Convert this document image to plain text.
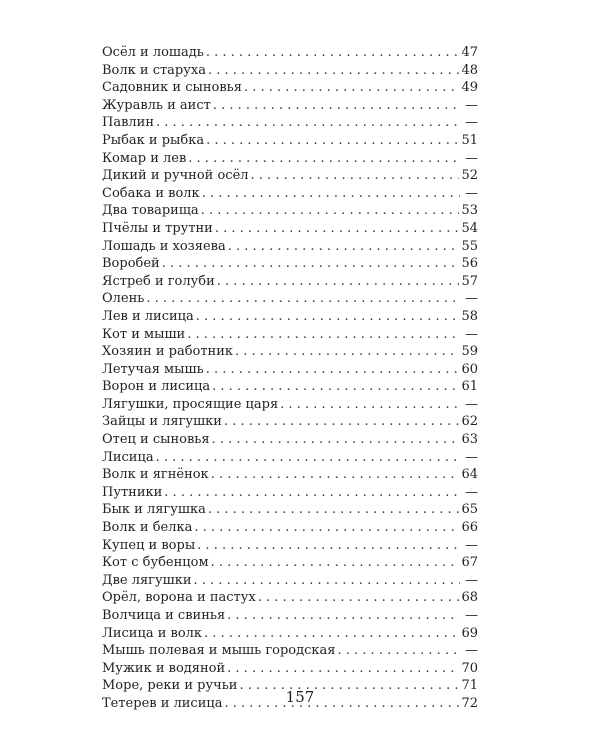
Осёл и лошадь . . .	47
Волк и старуха . . .	48
Садовник и сыновья . . .	49
Журавль и аист . . .	—
Павлин . . .	—
Рыбак и рыбка . . .	51
Комар и лев . . .	—
Дикий и ручной осёл . . .	52
Собака и волк . . .	—
Два товарища . . .	53
Пчёлы и трутни . . .	54
Лошадь и хозяева . . .	55
Воробей . . .	56
Ястреб и голуби . . .	57
Олень . . .	—
Лев и лисица . . .	58
Кот и мыши . . .	—
Хозяин и работник . . .	59
Летучая мышь . . .	60
Ворон и лисица . . .	61
Лягушки, просящие царя . . .	—
Зайцы и лягушки . . .	62
Отец и сыновья . . .	63
Лисица . . .	—
Волк и ягнёнок . . .	64
Путники . . .	—
Бык и лягушка . . .	65
Волк и белка . . .	66
Купец и воры . . .	—
Кот с бубенцом . . .	67
Две лягушки . . .	—
Орёл, ворона и пастух . . .	68
Волчица и свинья . . .	—
Лисица и волк . . .	69
Мышь полевая и мышь городская . . .	—
Мужик и водяной . . .	70
Море, реки и ручьи . . .	71
Тетерев и лисица . . .	72
157
